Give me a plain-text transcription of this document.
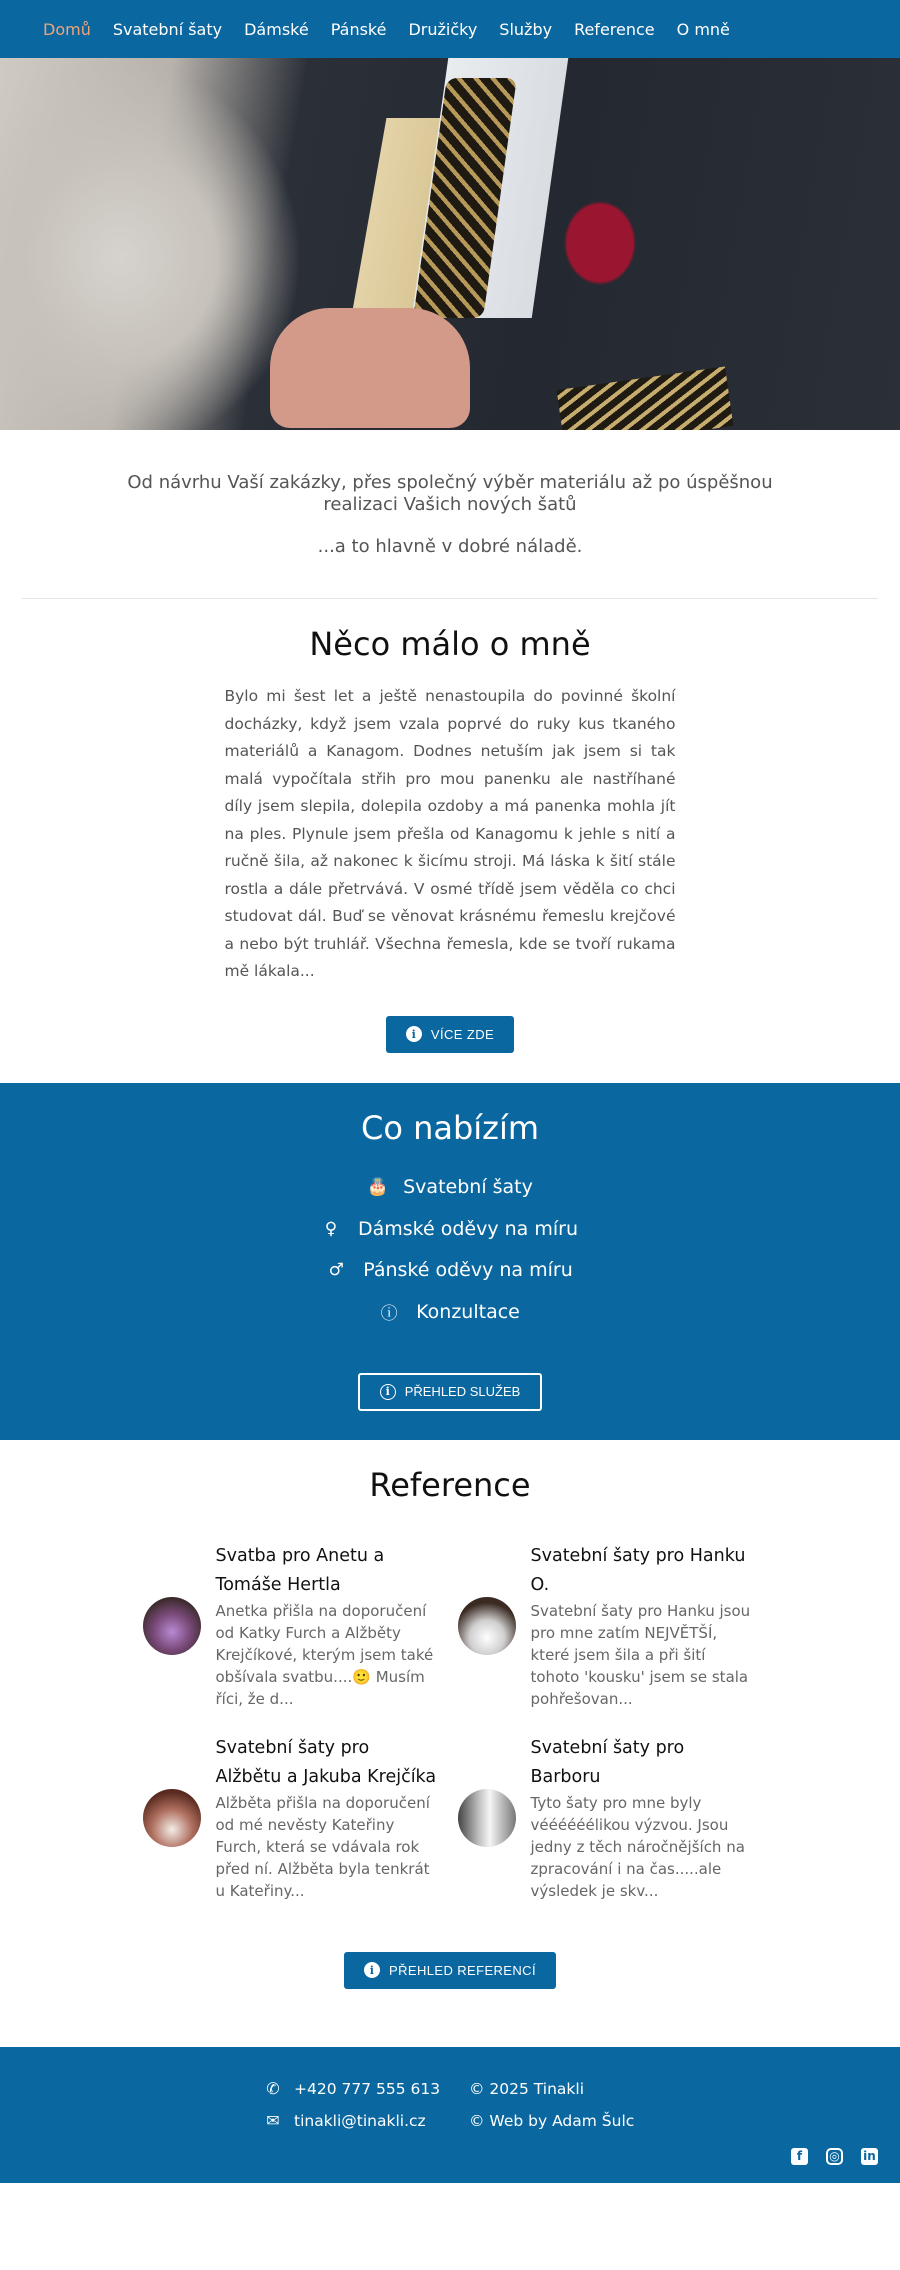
Domů Svatební šaty Dámské Pánské Družičky Služby Reference O mně

Od návrhu Vaší zakázky, přes společný výběr materiálu až po úspěšnou realizaci Vašich nových šatů

...a to hlavně v dobré náladě.

Něco málo o mně

Bylo mi šest let a ještě nenastoupila do povinné školní docházky, když jsem vzala poprvé do ruky kus tkaného materiálů a Kanagom. Dodnes netuším jak jsem si tak malá vypočítala střih pro mou panenku ale nastříhané díly jsem slepila, dolepila ozdoby a má panenka mohla jít na ples. Plynule jsem přešla od Kanagomu k jehle s nití a ručně šila, až nakonec k šicímu stroji. Má láska k šití stále rostla a dále přetrvává. V osmé třídě jsem věděla co chci studovat dál. Buď se věnovat krásnému řemeslu krejčové a nebo být truhlář. Všechna řemesla, kde se tvoří rukama mě lákala...

i	VÍCE ZDE
Co nabízím
🎂 Svatební šaty
♀ Dámské oděvy na míru
♂ Pánské oděvy na míru
ⓘ Konzultace
i	PŘEHLED SLUŽEB
Reference
Svatba pro Anetu a Tomáše Hertla

Anetka přišla na doporučení od Katky Furch a Alžběty Krejčíkové, kterým jsem také obšívala svatbu....🙂 Musím říci, že d...

Svatební šaty pro Hanku O.

Svatební šaty pro Hanku jsou pro mne zatím NEJVĚTŠÍ, které jsem šila a při šití tohoto 'kousku' jsem se stala pohřešovan...

Svatební šaty pro Alžbětu a Jakuba Krejčíka

Alžběta přišla na doporučení od mé nevěsty Kateřiny Furch, která se vdávala rok před ní. Alžběta byla tenkrát u Kateřiny...

Svatební šaty pro Barboru

Tyto šaty pro mne byly véééééélikou výzvou. Jsou jedny z těch náročnějších na zpracování i na čas.....ale výsledek je skv...

i	PŘEHLED REFERENCÍ
✆ +420 777 555 613
✉ tinakli@tinakli.cz
© 2025 Tinakli
© Web by Adam Šulc
f	◎ in
